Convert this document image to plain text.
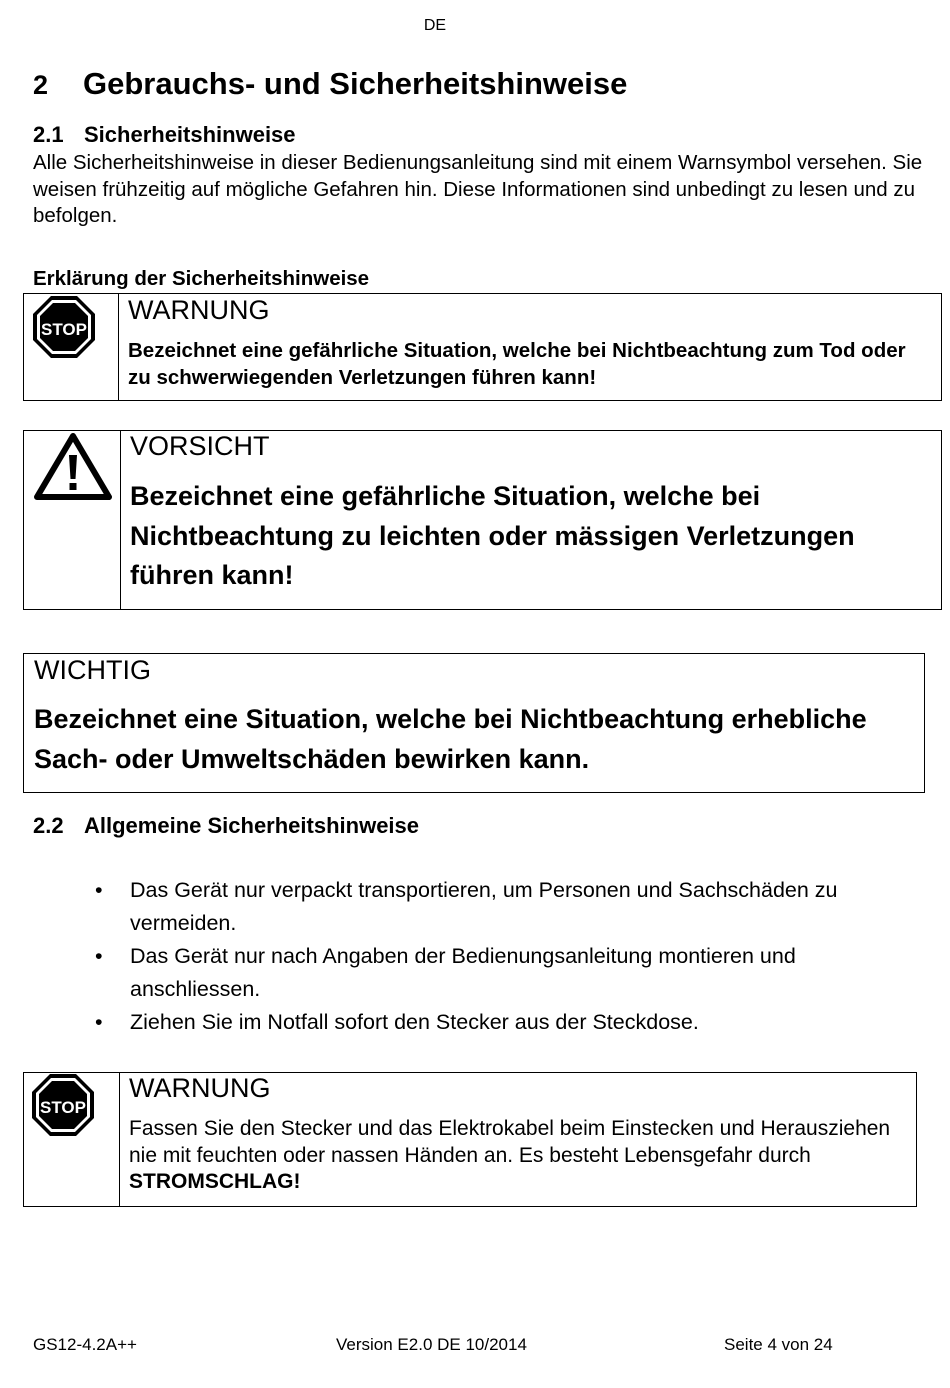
DE
2 Gebrauchs- und Sicherheitshinweise
2.1 Sicherheitshinweise
Alle Sicherheitshinweise in dieser Bedienungsanleitung sind mit einem Warnsymbol versehen. Sie weisen frühzeitig auf mögliche Gefahren hin. Diese Informationen sind unbedingt zu lesen und zu befolgen.
Erklärung der Sicherheitshinweise
STOP
WARNUNG
Bezeichnet eine gefährliche Situation, welche bei Nichtbeachtung zum Tod oder zu schwerwiegenden Verletzungen führen kann!
VORSICHT
Bezeichnet eine gefährliche Situation, welche bei Nichtbeachtung zu leichten oder mässigen Verletzungen führen kann!
WICHTIG
Bezeichnet eine Situation, welche bei Nichtbeachtung erhebliche Sach- oder Umweltschäden bewirken kann.
2.2 Allgemeine Sicherheitshinweise
• Das Gerät nur verpackt transportieren, um Personen und Sachschäden zu vermeiden.
• Das Gerät nur nach Angaben der Bedienungsanleitung montieren und anschliessen.
• Ziehen Sie im Notfall sofort den Stecker aus der Steckdose.
STOP
WARNUNG
Fassen Sie den Stecker und das Elektrokabel beim Einstecken und Herausziehen nie mit feuchten oder nassen Händen an. Es besteht Lebensgefahr durch STROMSCHLAG!
GS12-4.2A++	Version E2.0 DE 10/2014	Seite 4 von 24
